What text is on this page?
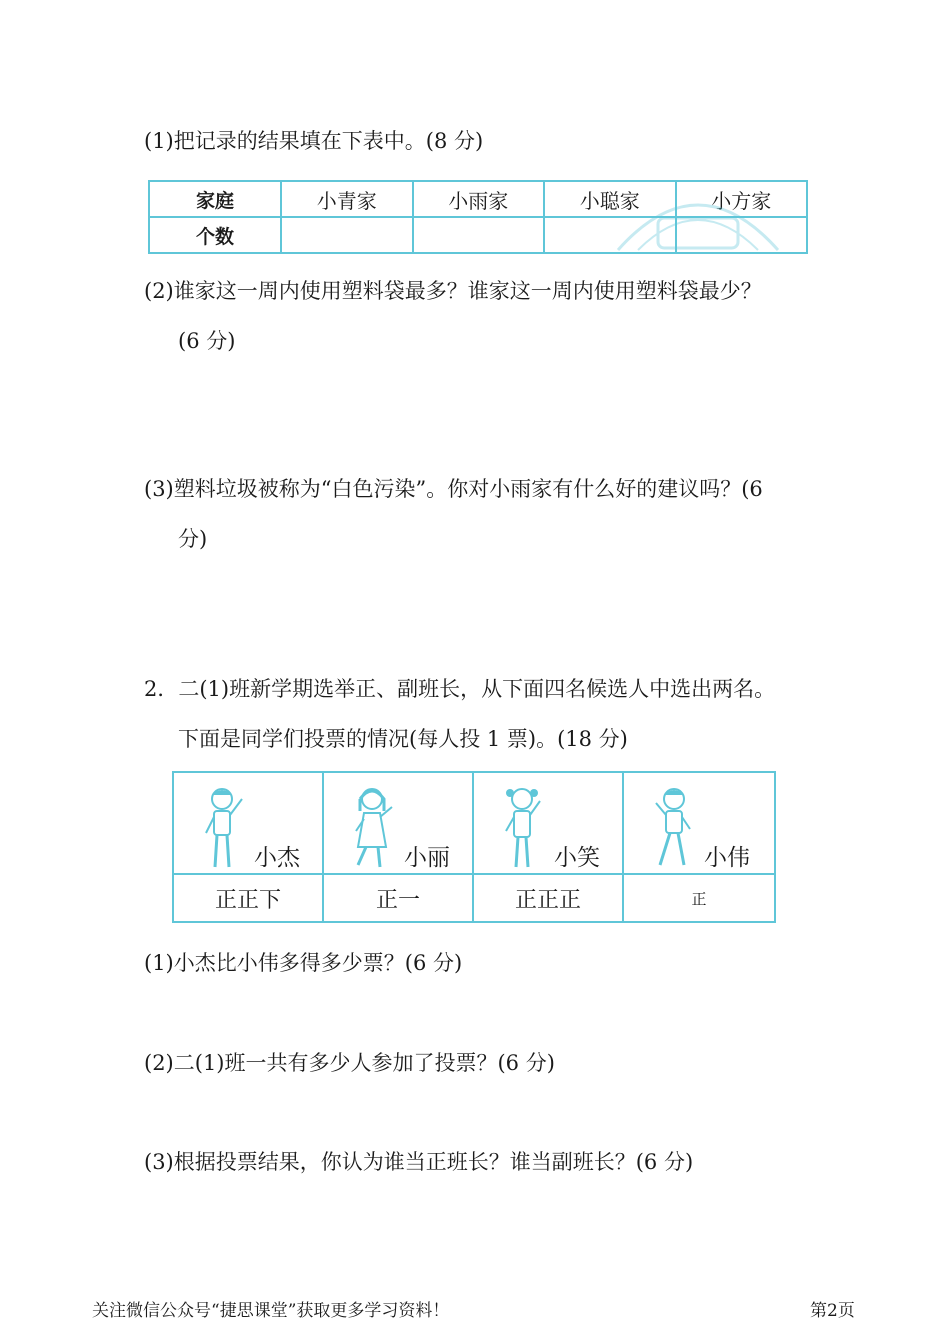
(1)把记录的结果填在下表中。(8 分)

家庭	小青家	小雨家	小聪家	小方家
个数				

(2)谁家这一周内使用塑料袋最多？谁家这一周内使用塑料袋最少？

(6 分)

(3)塑料垃圾被称为“白色污染”。你对小雨家有什么好的建议吗？(6

分)

2．二(1)班新学期选举正、副班长，从下面四名候选人中选出两名。

下面是同学们投票的情况(每人投 1 票)。(18 分)

小杰	小丽	小笑	小伟
正正下	正一	正正正	正

(1)小杰比小伟多得多少票？(6 分)

(2)二(1)班一共有多少人参加了投票？(6 分)

(3)根据投票结果，你认为谁当正班长？谁当副班长？(6 分)

关注微信公众号“捷思课堂”获取更多学习资料！	第2页
